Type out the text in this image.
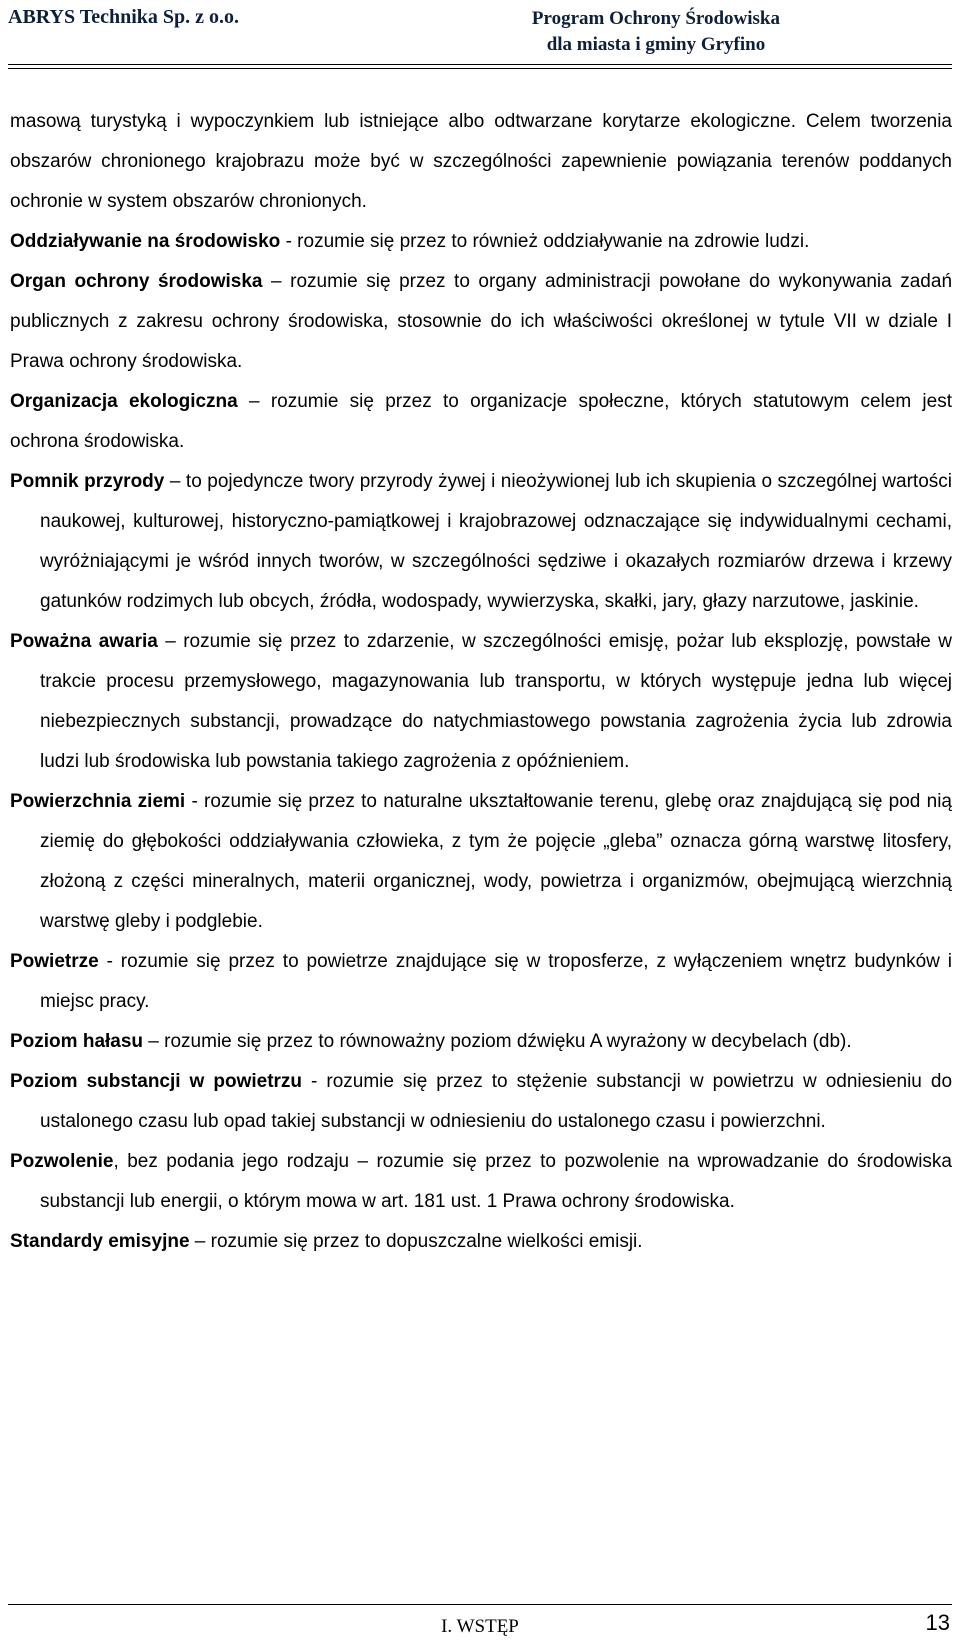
ABRYS Technika Sp. z o.o.	Program Ochrony Środowiska
dla miasta i gminy Gryfino

masową turystyką i wypoczynkiem lub istniejące albo odtwarzane korytarze ekologiczne. Celem tworzenia obszarów chronionego krajobrazu może być w szczególności zapewnienie powiązania terenów poddanych ochronie w system obszarów chronionych.

Oddziaływanie na środowisko - rozumie się przez to również oddziaływanie na zdrowie ludzi.

Organ ochrony środowiska – rozumie się przez to organy administracji powołane do wykonywania zadań publicznych z zakresu ochrony środowiska, stosownie do ich właściwości określonej w tytule VII w dziale I Prawa ochrony środowiska.

Organizacja ekologiczna – rozumie się przez to organizacje społeczne, których statutowym celem jest ochrona środowiska.

Pomnik przyrody – to pojedyncze twory przyrody żywej i nieożywionej lub ich skupienia o szczególnej wartości naukowej, kulturowej, historyczno-pamiątkowej i krajobrazowej odznaczające się indywidualnymi cechami, wyróżniającymi je wśród innych tworów, w szczególności sędziwe i okazałych rozmiarów drzewa i krzewy gatunków rodzimych lub obcych, źródła, wodospady, wywierzyska, skałki, jary, głazy narzutowe, jaskinie.

Poważna awaria – rozumie się przez to zdarzenie, w szczególności emisję, pożar lub eksplozję, powstałe w trakcie procesu przemysłowego, magazynowania lub transportu, w których występuje jedna lub więcej niebezpiecznych substancji, prowadzące do natychmiastowego powstania zagrożenia życia lub zdrowia ludzi lub środowiska lub powstania takiego zagrożenia z opóźnieniem.

Powierzchnia ziemi - rozumie się przez to naturalne ukształtowanie terenu, glebę oraz znajdującą się pod nią ziemię do głębokości oddziaływania człowieka, z tym że pojęcie „gleba” oznacza górną warstwę litosfery, złożoną z części mineralnych, materii organicznej, wody, powietrza i organizmów, obejmującą wierzchnią warstwę gleby i podglebie.

Powietrze - rozumie się przez to powietrze znajdujące się w troposferze, z wyłączeniem wnętrz budynków i miejsc pracy.

Poziom hałasu – rozumie się przez to równoważny poziom dźwięku A wyrażony w decybelach (db).

Poziom substancji w powietrzu - rozumie się przez to stężenie substancji w powietrzu w odniesieniu do ustalonego czasu lub opad takiej substancji w odniesieniu do ustalonego czasu i powierzchni.

Pozwolenie, bez podania jego rodzaju – rozumie się przez to pozwolenie na wprowadzanie do środowiska substancji lub energii, o którym mowa w art. 181 ust. 1 Prawa ochrony środowiska.

Standardy emisyjne – rozumie się przez to dopuszczalne wielkości emisji.

I. WSTĘP	13
